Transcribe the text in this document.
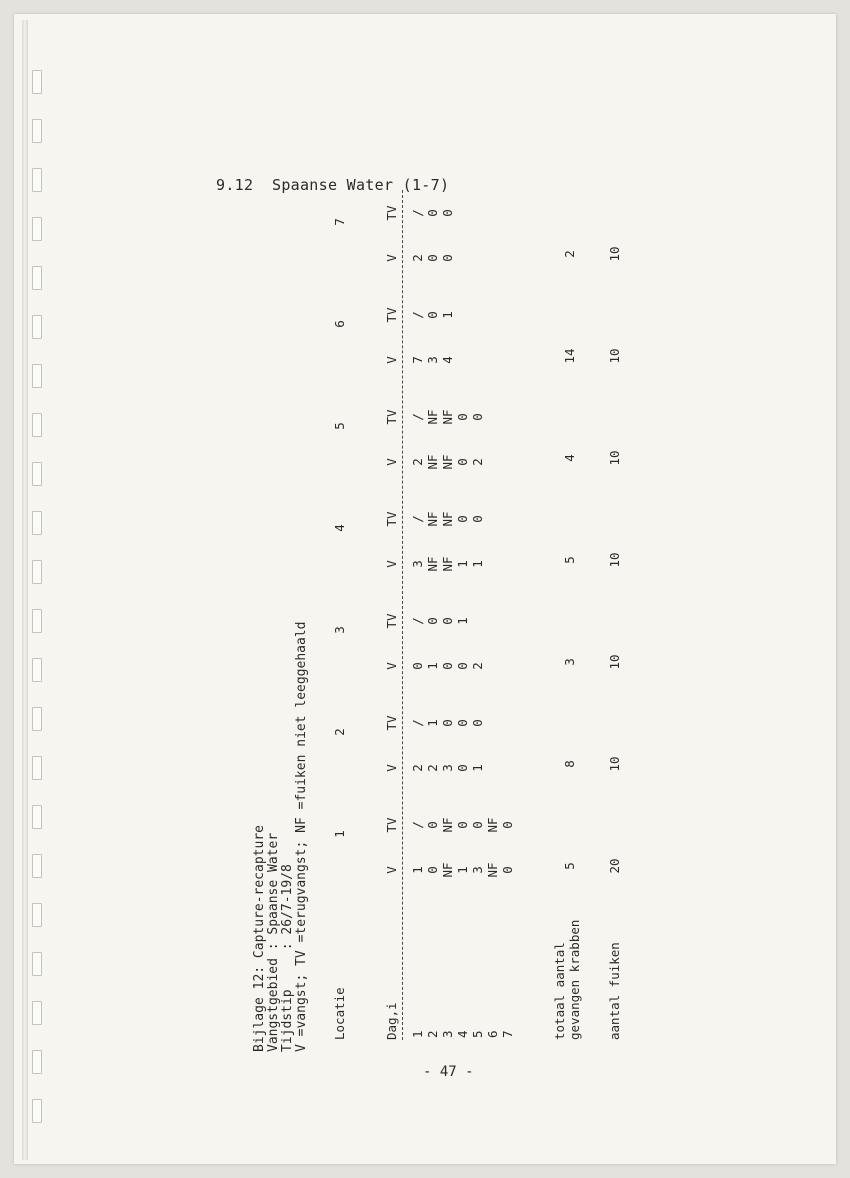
9.12  Spaanse Water (1-7)
Bijlage 12: Capture-recapture Vangstgebied : Spaanse Water Tijdstip     : 26/7-19/8 V =vangst; TV =terugvangst; NF =fuiken niet leeggehaald Locatie
1
2
3
4
5
6
7
Dag,i
V
TV
V
TV
V
TV
V
TV
V
TV
V
TV
V
TV
1 2 3 4 5 6 7
1 0 NF 1 3 NF 0
/ 0 NF 0 0 NF 0
2 2 3 0 1
/ 1 0 0 0
0 1 0 0 2
/ 0 0 1
3 NF NF 1 1
/ NF NF 0 0
2 NF NF 0 2
/ NF NF 0 0
7 3 4
/ 0 1
2 0 0
/ 0 0
totaal aantal gevangen krabben
5
8
3
5
4
14
2
aantal fuiken
20
10
10
10
10
10
10
- 47 -
